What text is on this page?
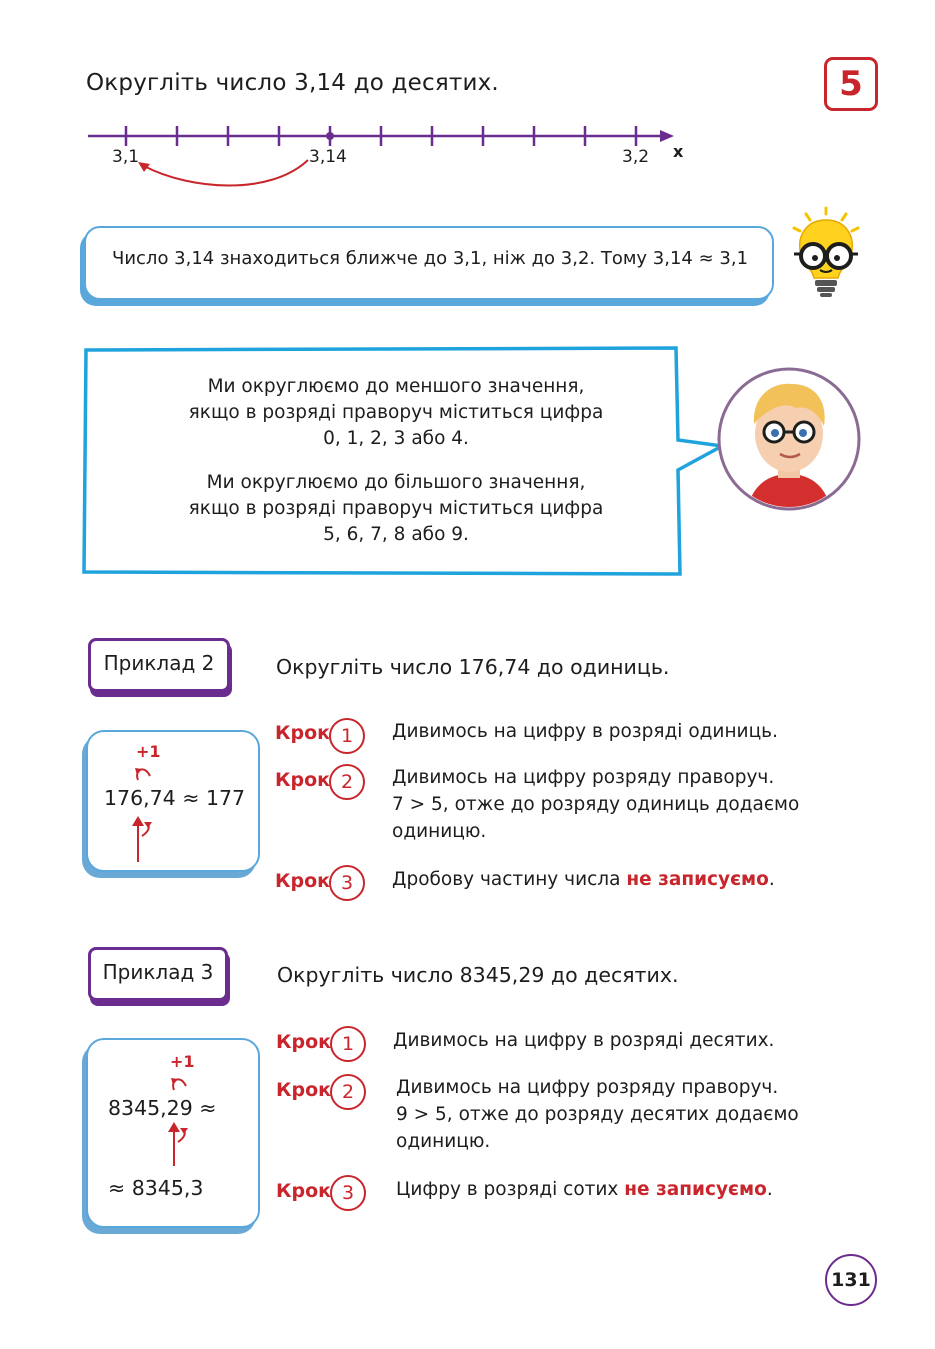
Округліть число 3,14 до десятих.	5
3,1	3,14	3,2 x
Число 3,14 знаходиться ближче до 3,1, ніж до 3,2. Тому 3,14 ≈ 3,1
Ми округлюємо до меншого значення,
якщо в розряді праворуч міститься цифра
0, 1, 2, 3 або 4.
Ми округлюємо до більшого значення,
якщо в розряді праворуч міститься цифра
5, 6, 7, 8 або 9.
Приклад 2	Округліть число 176,74 до одиниць.
+1
176,74 ≈ 177
Крок 1	Дивимось на цифру в розряді одиниць.
Крок 2	Дивимось на цифру розряду праворуч.
7 > 5, отже до розряду одиниць додаємо
одиницю.
Крок 3	Дробову частину числа не записуємо.
Приклад 3	Округліть число 8345,29 до десятих.
+1
8345,29 ≈
≈ 8345,3
Крок 1	Дивимось на цифру в розряді десятих.
Крок 2	Дивимось на цифру розряду праворуч.
9 > 5, отже до розряду десятих додаємо
одиницю.
Крок 3	Цифру в розряді сотих не записуємо.
131
